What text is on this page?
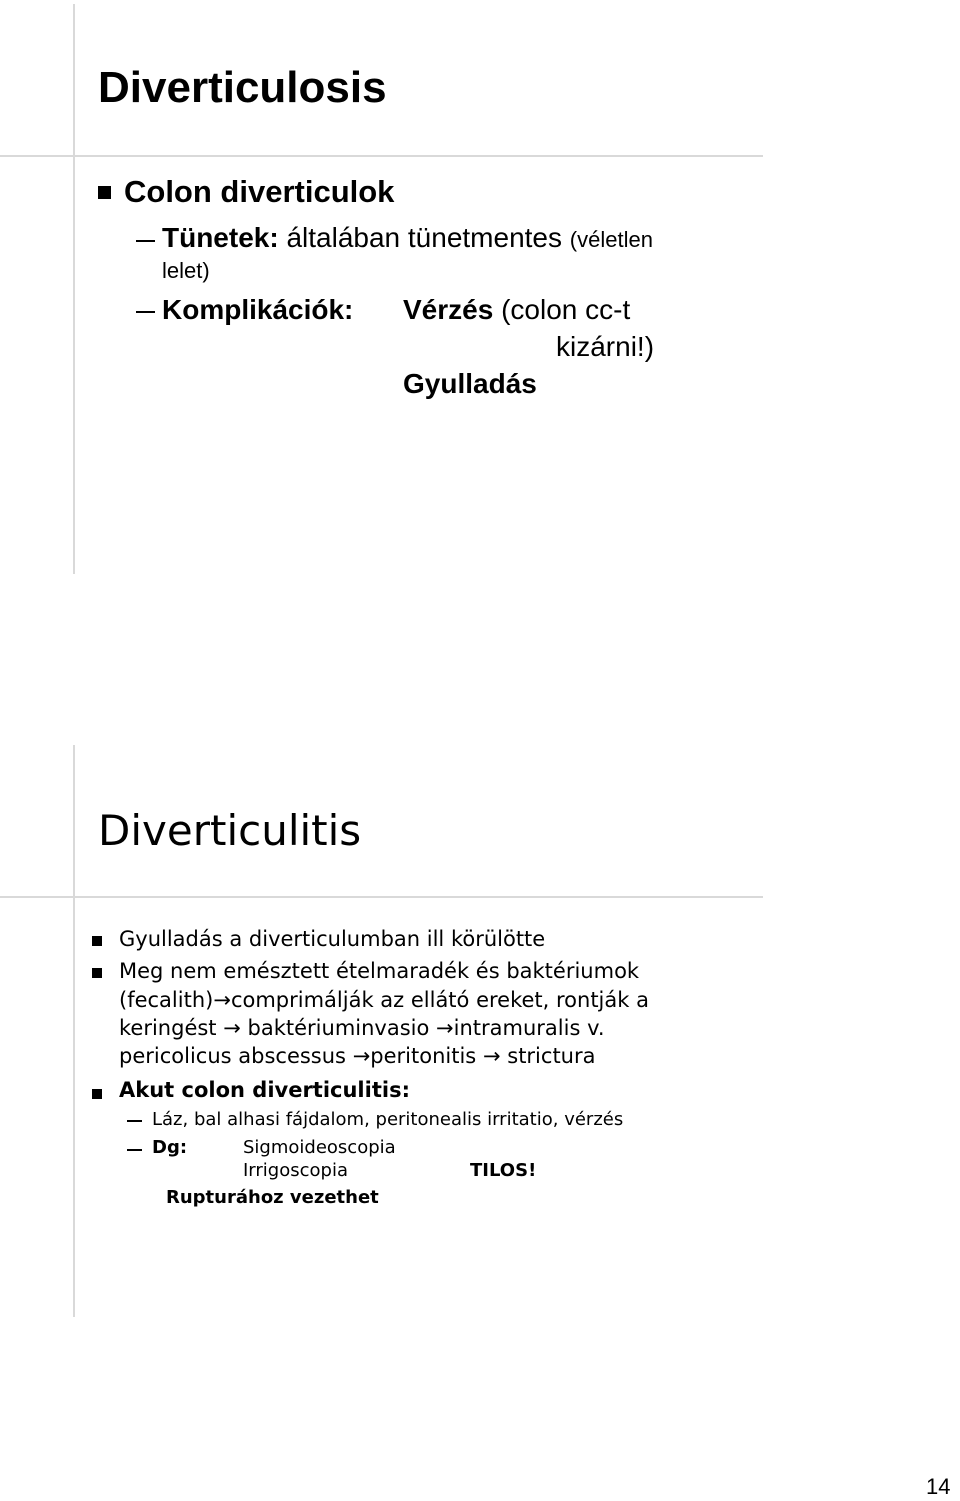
Diverticulosis
Colon diverticulok
Tünetek: általában tünetmentes (véletlen
lelet)
Komplikációk: Vérzés (colon cc-t
kizárni!)
Gyulladás
Diverticulitis
Gyulladás a diverticulumban ill körülötte
Meg nem emésztett ételmaradék és baktériumok
(fecalith)→comprimálják az ellátó ereket, rontják a
keringést → baktériuminvasio →intramuralis v.
pericolicus abscessus →peritonitis → strictura
Akut colon diverticulitis:
Láz, bal alhasi fájdalom, peritonealis irritatio, vérzés
Dg:	Sigmoideoscopia
Irrigoscopia	TILOS!
Rupturához vezethet
14
